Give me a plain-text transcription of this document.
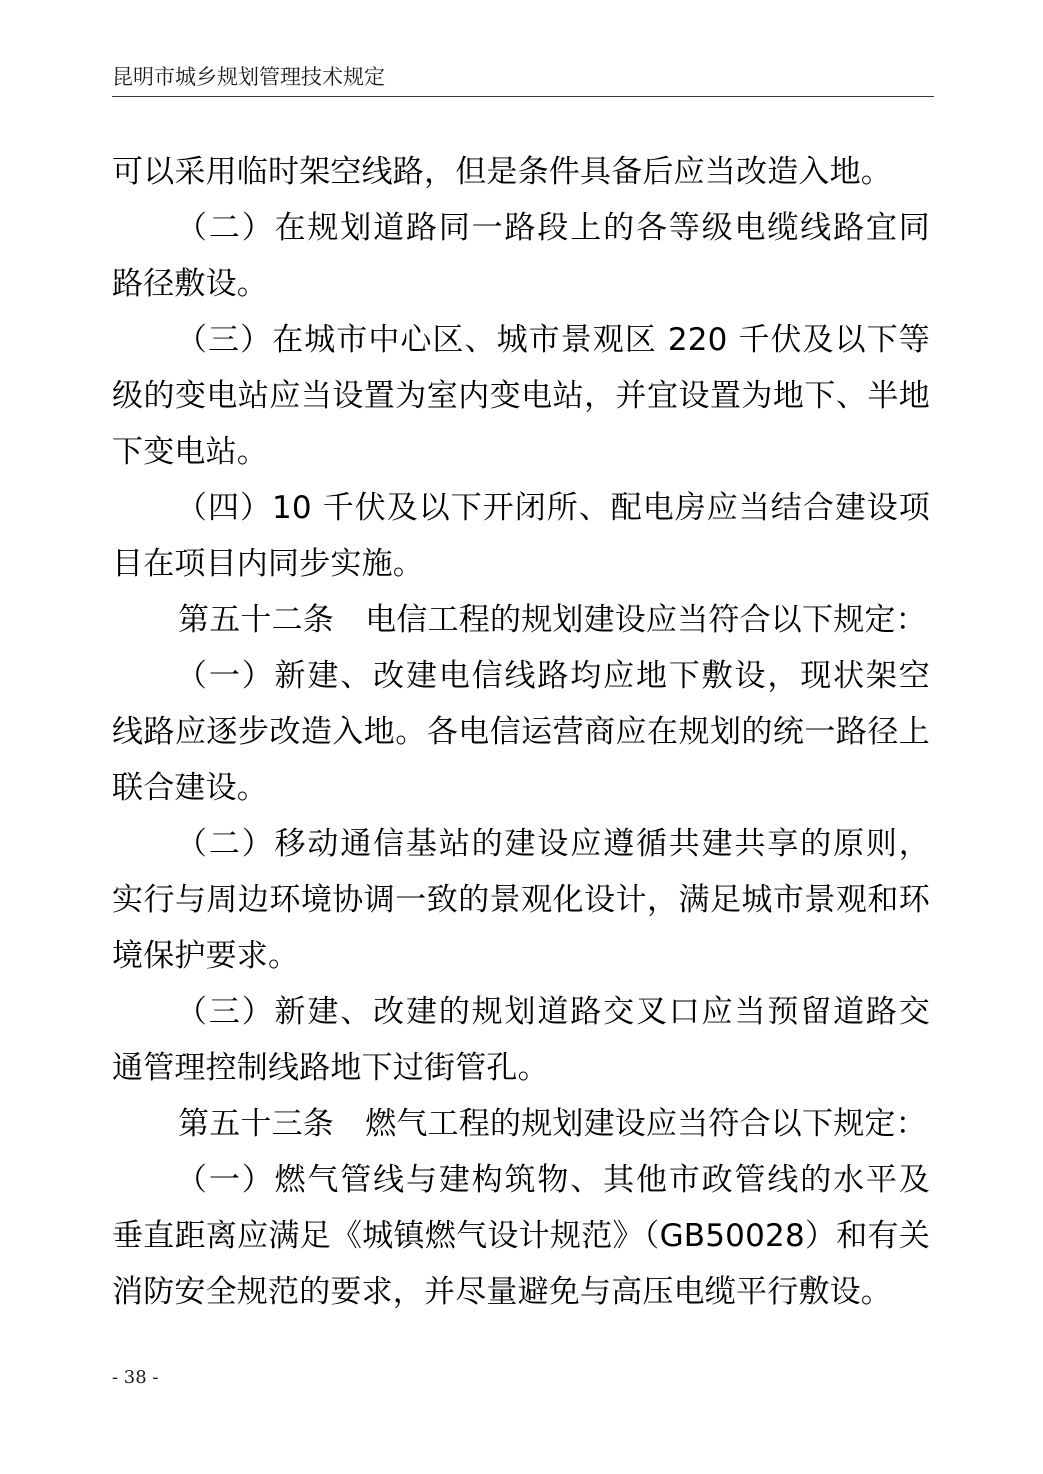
昆明市城乡规划管理技术规定
可以采用临时架空线路，但是条件具备后应当改造入地。
（二）在规划道路同一路段上的各等级电缆线路宜同
路径敷设。
（三）在城市中心区、城市景观区 220 千伏及以下等
级的变电站应当设置为室内变电站，并宜设置为地下、半地
下变电站。
（四）10 千伏及以下开闭所、配电房应当结合建设项
目在项目内同步实施。
第五十二条　电信工程的规划建设应当符合以下规定：
（一）新建、改建电信线路均应地下敷设，现状架空
线路应逐步改造入地。各电信运营商应在规划的统一路径上
联合建设。
（二）移动通信基站的建设应遵循共建共享的原则，
实行与周边环境协调一致的景观化设计，满足城市景观和环
境保护要求。
（三）新建、改建的规划道路交叉口应当预留道路交
通管理控制线路地下过街管孔。
第五十三条　燃气工程的规划建设应当符合以下规定：
（一）燃气管线与建构筑物、其他市政管线的水平及
垂直距离应满足《城镇燃气设计规范》（GB50028）和有关
消防安全规范的要求，并尽量避免与高压电缆平行敷设。
- 38 -
